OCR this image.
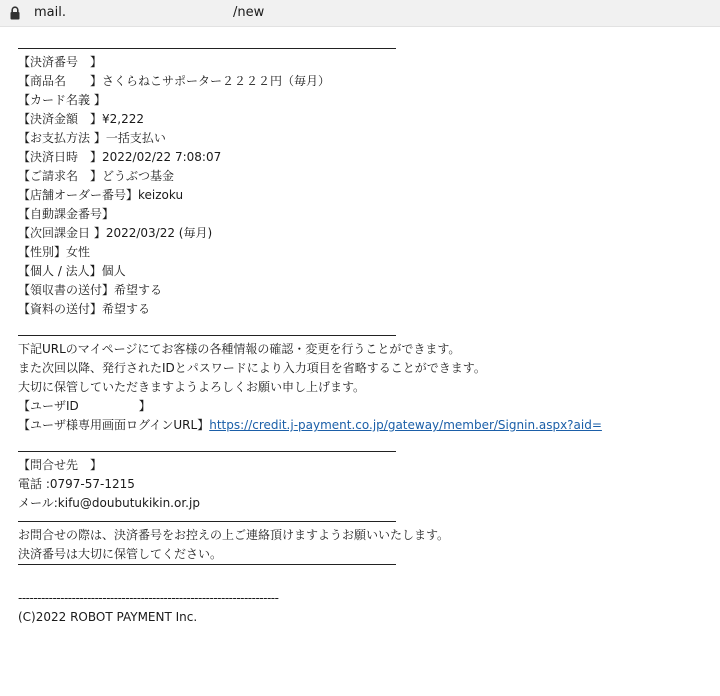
mail.	/new
【決済番号　】
【商品名　　】さくらねこサポーター２２２２円（毎月）
【カード名義 】
【決済金額　】¥2,222
【お支払方法 】一括支払い
【決済日時　】2022/02/22 7:08:07
【ご請求名　】どうぶつ基金
【店舗オーダー番号】keizoku
【自動課金番号】
【次回課金日 】2022/03/22 (毎月)
【性別】女性
【個人 / 法人】個人
【領収書の送付】希望する
【資料の送付】希望する
下記URLのマイページにてお客様の各種情報の確認・変更を行うことができます。
また次回以降、発行されたIDとパスワードにより入力項目を省略することができます。
大切に保管していただきますようよろしくお願い申し上げます。
【ユーザID　　　　　】
【ユーザ様専用画面ログインURL】https://credit.j-payment.co.jp/gateway/member/Signin.aspx?aid=
【問合せ先　】
電話 :0797-57-1215
メール:kifu@doubutukikin.or.jp
お問合せの際は、決済番号をお控えの上ご連絡頂けますようお願いいたします。
決済番号は大切に保管してください。
--------------------------------------------------------------------
(C)2022 ROBOT PAYMENT Inc.
